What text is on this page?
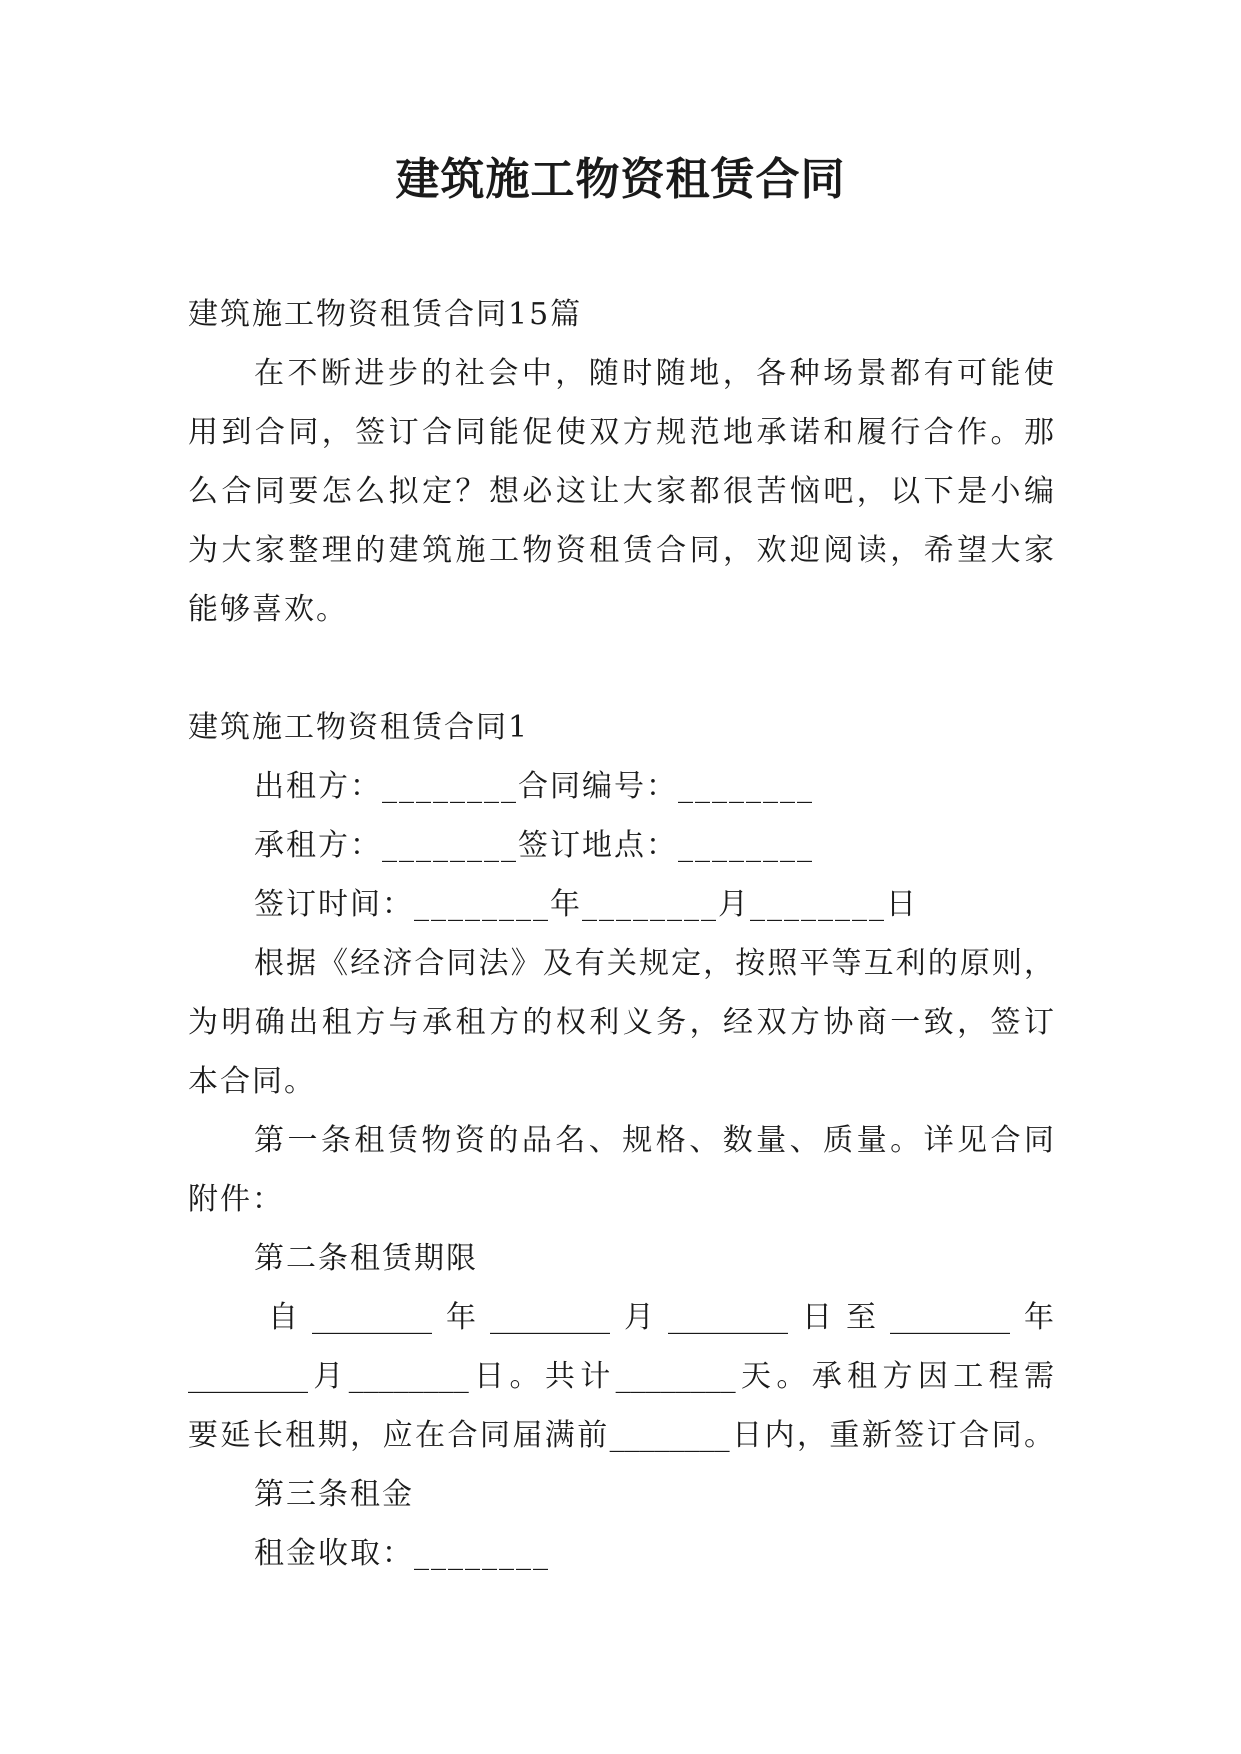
建筑施工物资租赁合同
建筑施工物资租赁合同15篇
在不断进步的社会中，随时随地，各种场景都有可能使
用到合同，签订合同能促使双方规范地承诺和履行合作。那
么合同要怎么拟定？想必这让大家都很苦恼吧，以下是小编
为大家整理的建筑施工物资租赁合同，欢迎阅读，希望大家
能够喜欢。
建筑施工物资租赁合同1
出租方：________合同编号：________
承租方：________签订地点：________
签订时间：________年________月________日
根据《经济合同法》及有关规定，按照平等互利的原则，
为明确出租方与承租方的权利义务，经双方协商一致，签订
本合同。
第一条租赁物资的品名、规格、数量、质量。详见合同
附件：
第二条租赁期限
自________年________月________日至________年
________月________日。共计________天。承租方因工程需
要延长租期，应在合同届满前________日内，重新签订合同。
第三条租金
租金收取：________
